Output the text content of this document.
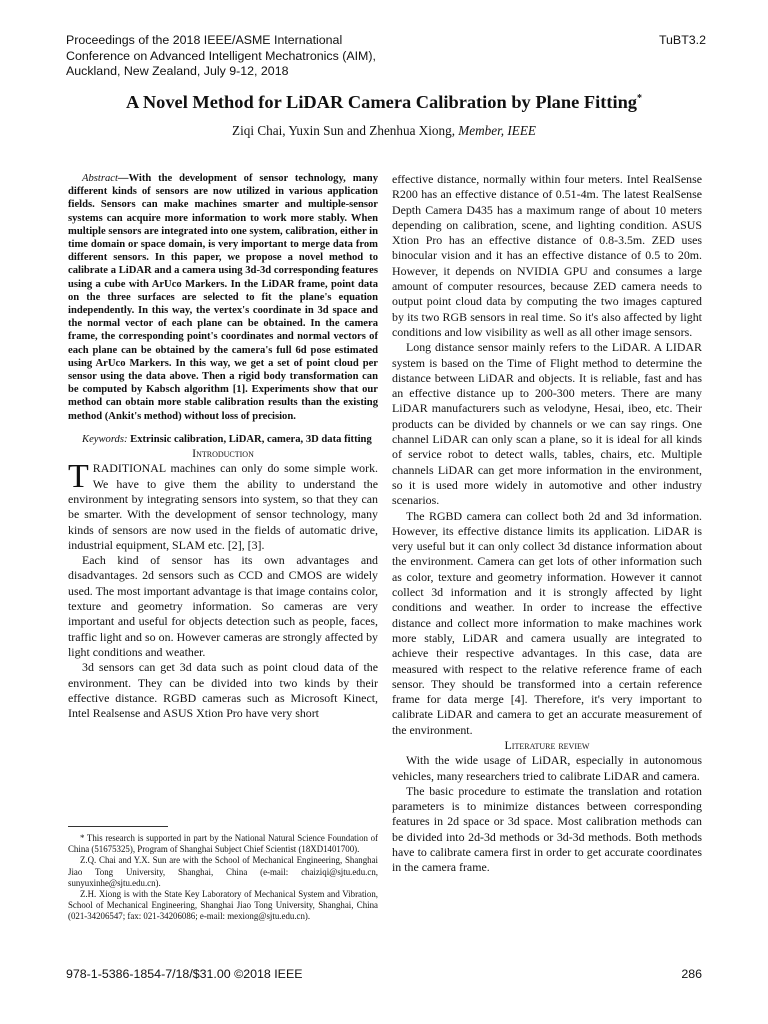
Proceedings of the 2018 IEEE/ASME International
Conference on Advanced Intelligent Mechatronics (AIM),
Auckland, New Zealand, July 9-12, 2018
TuBT3.2
A Novel Method for LiDAR Camera Calibration by Plane Fitting*
Ziqi Chai, Yuxin Sun and Zhenhua Xiong, Member, IEEE

Abstract—With the development of sensor technology, many different kinds of sensors are now utilized in various application fields. Sensors can make machines smarter and multiple-sensor systems can acquire more information to work more stably. When multiple sensors are integrated into one system, calibration, either in time domain or space domain, is very important to merge data from different sensors. In this paper, we propose a novel method to calibrate a LiDAR and a camera using 3d-3d corresponding features using a cube with ArUco Markers. In the LiDAR frame, point data on the three surfaces are selected to fit the plane's equation independently. In this way, the vertex's coordinate in 3d space and the normal vector of each plane can be obtained. In the camera frame, the corresponding point's coordinates and normal vectors of each plane can be obtained by the camera's full 6d pose estimated using ArUco Markers. In this way, we get a set of point cloud per sensor using the data above. Then a rigid body transformation can be computed by Kabsch algorithm [1]. Experiments show that our method can obtain more stable calibration results than the existing method (Ankit's method) without loss of precision.

Keywords: Extrinsic calibration, LiDAR, camera, 3D data fitting

Introduction

TRADITIONAL machines can only do some simple work. We have to give them the ability to understand the environment by integrating sensors into system, so that they can be smarter. With the development of sensor technology, many kinds of sensors are now used in the fields of automatic drive, industrial equipment, SLAM etc. [2], [3].

Each kind of sensor has its own advantages and disadvantages. 2d sensors such as CCD and CMOS are widely used. The most important advantage is that image contains color, texture and geometry information. So cameras are very important and useful for objects detection such as people, faces, traffic light and so on. However cameras are strongly affected by light conditions and weather.

3d sensors can get 3d data such as point cloud data of the environment. They can be divided into two kinds by their effective distance. RGBD cameras such as Microsoft Kinect, Intel Realsense and ASUS Xtion Pro have very short

* This research is supported in part by the National Natural Science Foundation of China (51675325), Program of Shanghai Subject Chief Scientist (18XD1401700).

Z.Q. Chai and Y.X. Sun are with the School of Mechanical Engineering, Shanghai Jiao Tong University, Shanghai, China (e-mail: chaiziqi@sjtu.edu.cn, sunyuxinhe@sjtu.edu.cn).

Z.H. Xiong is with the State Key Laboratory of Mechanical System and Vibration, School of Mechanical Engineering, Shanghai Jiao Tong University, Shanghai, China (021-34206547; fax: 021-34206086; e-mail: mexiong@sjtu.edu.cn).

effective distance, normally within four meters. Intel RealSense R200 has an effective distance of 0.51-4m. The latest RealSense Depth Camera D435 has a maximum range of about 10 meters depending on calibration, scene, and lighting condition. ASUS Xtion Pro has an effective distance of 0.8-3.5m. ZED uses binocular vision and it has an effective distance of 0.5 to 20m. However, it depends on NVIDIA GPU and consumes a large amount of computer resources, because ZED camera needs to output point cloud data by computing the two images captured by its two RGB sensors in real time. So it's also affected by light conditions and low visibility as well as all other image sensors.

Long distance sensor mainly refers to the LiDAR. A LIDAR system is based on the Time of Flight method to determine the distance between LiDAR and objects. It is reliable, fast and has an effective distance up to 200-300 meters. There are many LiDAR manufacturers such as velodyne, Hesai, ibeo, etc. Their products can be divided by channels or we can say rings. One channel LiDAR can only scan a plane, so it is ideal for all kinds of service robot to detect walls, tables, chairs, etc. Multiple channels LiDAR can get more information in the environment, so it is used more widely in automotive and other industry scenarios.

The RGBD camera can collect both 2d and 3d information. However, its effective distance limits its application. LiDAR is very useful but it can only collect 3d distance information about the environment. Camera can get lots of other information such as color, texture and geometry information. However it cannot collect 3d information and it is strongly affected by light conditions and weather. In order to increase the effective distance and collect more information to make machines work more stably, LiDAR and camera usually are integrated to achieve their respective advantages. In this case, data are measured with respect to the relative reference frame of each sensor. They should be transformed into a certain reference frame for data merge [4]. Therefore, it's very important to calibrate LiDAR and camera to get an accurate measurement of the environment.

Literature review

With the wide usage of LiDAR, especially in autonomous vehicles, many researchers tried to calibrate LiDAR and camera.

The basic procedure to estimate the translation and rotation parameters is to minimize distances between corresponding features in 2d space or 3d space. Most calibration methods can be divided into 2d-3d methods or 3d-3d methods. Both methods have to calibrate camera first in order to get accurate coordinates in the camera frame.

978-1-5386-1854-7/18/$31.00 ©2018 IEEE	286
